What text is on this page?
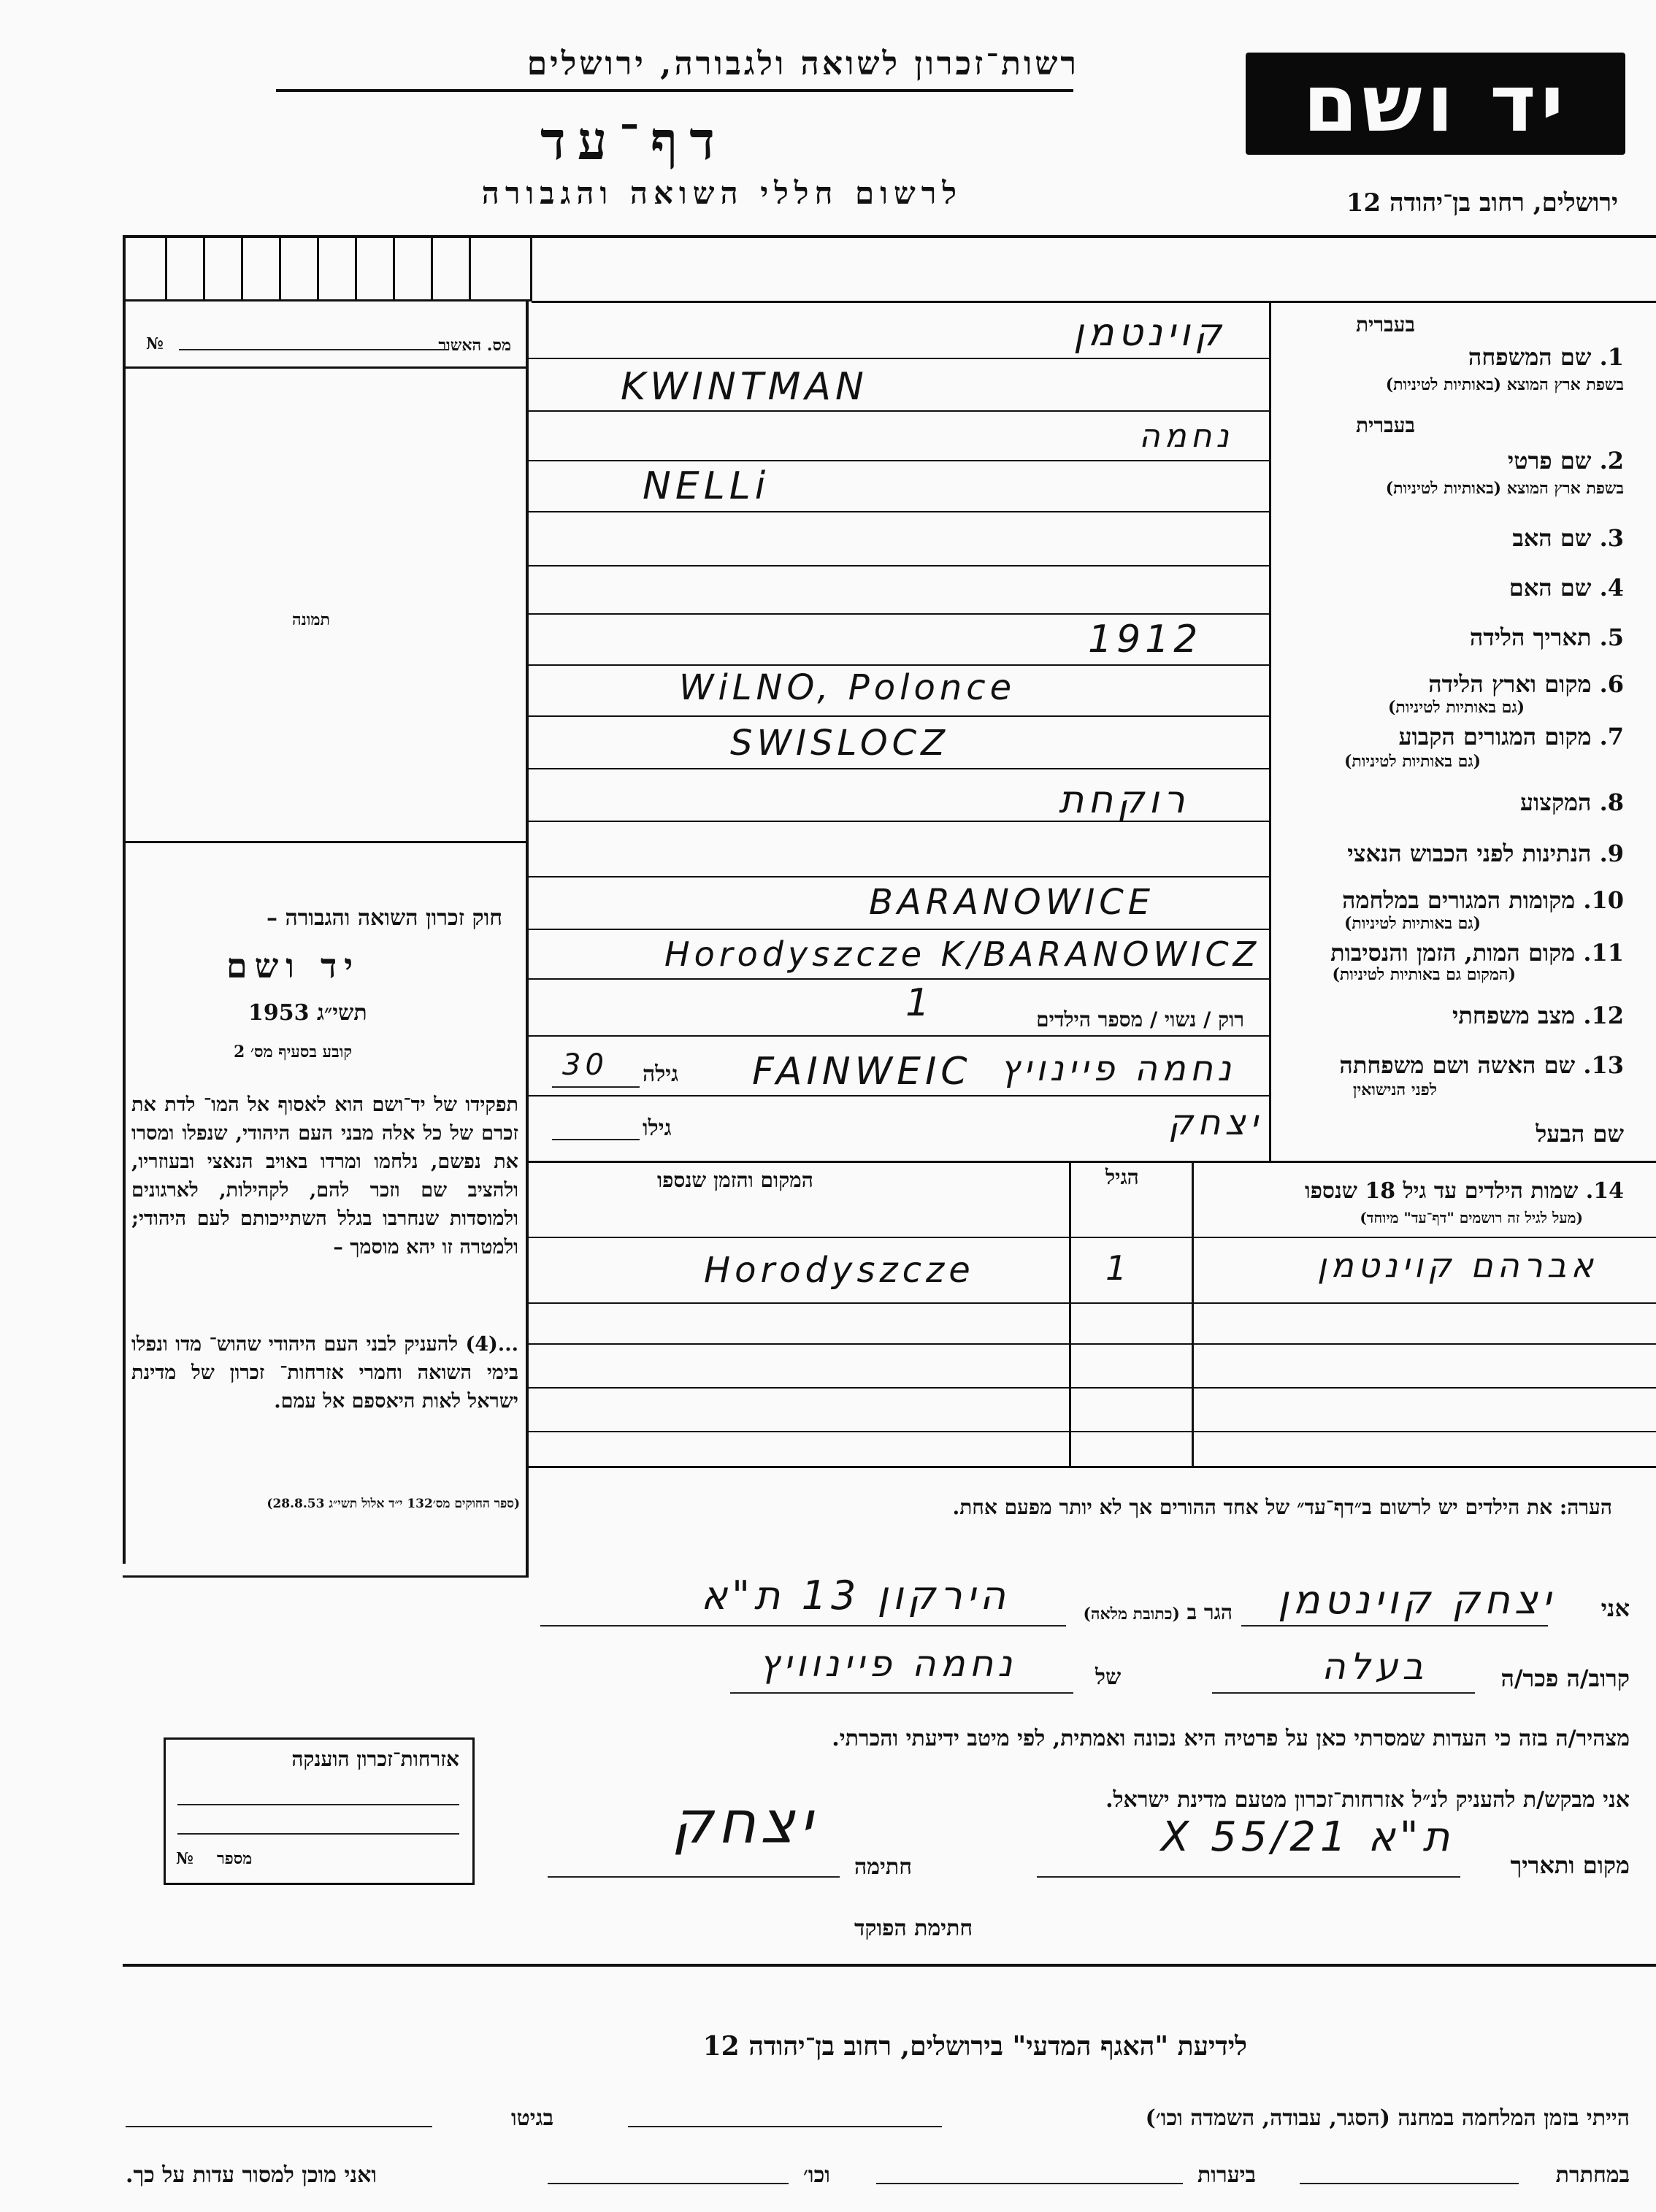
רשות־זכרון לשואה ולגבורה, ירושלים
דף־עד
לרשום חללי השואה והגבורה
יד ושם
ירושלים, רחוב בן־יהודה 12
מס. האשור
№
תמונה
חוק זכרון השואה והגבורה –
יד ושם
תשי״ג 1953
קובע בסעיף מס׳ 2
תפקידו של יד־ושם הוא לאסוף אל המו־ לדת את זכרם של כל אלה מבני העם היהודי, שנפלו ומסרו את נפשם, נלחמו ומרדו באויב הנאצי ובעוזריו, ולהציב שם וזכר להם, לקהילות, לארגונים ולמוסדות שנחרבו בגלל השתייכותם לעם היהודי; ולמטרה זו יהא מוסמך –
...(4) להעניק לבני העם היהודי שהוש־ מדו ונפלו בימי השואה וחמרי אזרחות־ זכרון של מדינת ישראל לאות היאספם אל עמם.
(ספר החוקים מס׳132 י״ד אלול תשי״ג 28.8.53)
אזרחות־זכרון הוענקה
מספר
№
בעברית
1. שם המשפחה
בשפת ארץ המוצא (באותיות לטיניות)
קוינטמן
KWINTMAN
בעברית
2. שם פרטי
בשפת ארץ המוצא (באותיות לטיניות)
נחמה
NELLi
3. שם האב
4. שם האם
5. תאריך הלידה
1912
6. מקום וארץ הלידה
(גם באותיות לטיניות)
WiLNO, Polonce
7. מקום המגורים הקבוע
(גם באותיות לטיניות)
SWISLOCZ
8. המקצוע
רוקחת
9. הנתינות לפני הכבוש הנאצי
10. מקומות המגורים במלחמה
(גם באותיות לטיניות)
BARANOWICE
11. מקום המות, הזמן והנסיבות
(המקום גם באותיות לטיניות)
Horodyszcze K/BARANOWICZ
12. מצב משפחתי
רוק / נשוי / מספר הילדים
1
13. שם האשה ושם משפחתה
לפני הנישואין
נחמה פיינויץ
FAINWEIC
גילה
30
שם הבעל
יצחק
גילו
14. שמות הילדים עד גיל 18 שנספו
(מעל לגיל זה רושמים "דף־עד" מיוחד)
הגיל
המקום והזמן שנספו
אברהם קוינטמן
1
Horodyszcze
הערה: את הילדים יש לרשום ב״דף־עד״ של אחד ההורים אך לא יותר מפעם אחת.
אני
יצחק קוינטמן
הגר ב (כתובת מלאה)
הירקון 13 ת"א
קרוב/ה פכר/ה
בעלה
של
נחמה פיינוויץ
מצהיר/ה בזה כי העדות שמסרתי כאן על פרטיה היא נכונה ואמתית, לפי מיטב ידיעתי והכרתי.
אני מבקש/ת להעניק לנ״ל אזרחות־זכרון מטעם מדינת ישראל.
מקום ותאריך
ת"א 21/X 55
חתימה
יצחק
חתימת הפוקד
לידיעת "האגף המדעי" בירושלים, רחוב בן־יהודה 12
הייתי בזמן המלחמה במחנה (הסגר, עבודה, השמדה וכו׳)
בגיטו
במחתרת
ביערות
וכו׳
ואני מוכן למסור עדות על כך.
